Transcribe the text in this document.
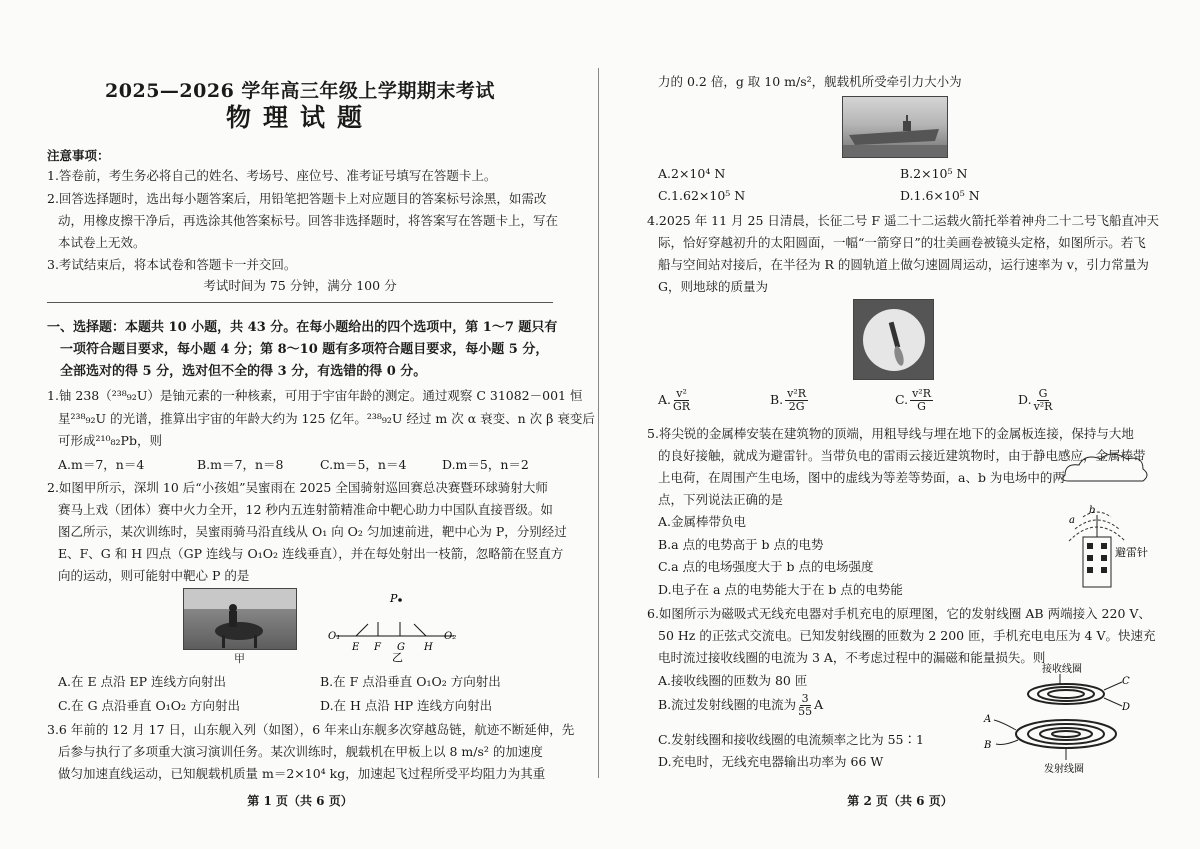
2025—2026 学年高三年级上学期期末考试
物理试题
注意事项：
1.答卷前，考生务必将自己的姓名、考场号、座位号、准考证号填写在答题卡上。
2.回答选择题时，选出每小题答案后，用铅笔把答题卡上对应题目的答案标号涂黑，如需改
动，用橡皮擦干净后，再选涂其他答案标号。回答非选择题时，将答案写在答题卡上，写在
本试卷上无效。
3.考试结束后，将本试卷和答题卡一并交回。
考试时间为 75 分钟，满分 100 分
一、选择题：本题共 10 小题，共 43 分。在每小题给出的四个选项中，第 1～7 题只有
一项符合题目要求，每小题 4 分；第 8～10 题有多项符合题目要求，每小题 5 分，
全部选对的得 5 分，选对但不全的得 3 分，有选错的得 0 分。
1.铀 238（²³⁸₉₂U）是铀元素的一种核素，可用于宇宙年龄的测定。通过观察 C 31082－001 恒
星²³⁸₉₂U 的光谱，推算出宇宙的年龄大约为 125 亿年。²³⁸₉₂U 经过 m 次 α 衰变、n 次 β 衰变后
可形成²¹⁰₈₂Pb，则
A.m＝7，n＝4	B.m＝7，n＝8	C.m＝5，n＝4	D.m＝5，n＝2
2.如图甲所示，深圳 10 后“小孩姐”吴蜜雨在 2025 全国骑射巡回赛总决赛暨环球骑射大师
赛马上戏（团体）赛中火力全开，12 秒内五连射箭精准命中靶心助力中国队直接晋级。如
图乙所示，某次训练时，吴蜜雨骑马沿直线从 O₁ 向 O₂ 匀加速前进，靶中心为 P，分别经过
E、F、G 和 H 四点（GP 连线与 O₁O₂ 连线垂直），并在每处射出一枝箭，忽略箭在竖直方
向的运动，则可能射中靶心 P 的是
甲
P
O₁	O₂
E F G H
乙
A.在 E 点沿 EP 连线方向射出	B.在 F 点沿垂直 O₁O₂ 方向射出
C.在 G 点沿垂直 O₁O₂ 方向射出	D.在 H 点沿 HP 连线方向射出
3.6 年前的 12 月 17 日，山东舰入列（如图），6 年来山东舰多次穿越岛链，航迹不断延伸，先
后参与执行了多项重大演习演训任务。某次训练时，舰载机在甲板上以 8 m/s² 的加速度
做匀加速直线运动，已知舰载机质量 m＝2×10⁴ kg，加速起飞过程所受平均阻力为其重
第 1 页（共 6 页）
力的 0.2 倍，g 取 10 m/s²，舰载机所受牵引力大小为
A.2×10⁴ N	B.2×10⁵ N
C.1.62×10⁵ N	D.1.6×10⁵ N
4.2025 年 11 月 25 日清晨，长征二号 F 遥二十二运载火箭托举着神舟二十二号飞船直冲天
际，恰好穿越初升的太阳圆面，一幅“一箭穿日”的壮美画卷被镜头定格，如图所示。若飞
船与空间站对接后，在半径为 R 的圆轨道上做匀速圆周运动，运行速率为 v，引力常量为
G，则地球的质量为
A. $\frac{\text{v²}}{GR}$	B. $\frac{\text{v²R}}{2G}$	C. $\frac{\text{v²R}}{G}$	D. $\frac{G}{\text{v²R}}$
5.将尖锐的金属棒安装在建筑物的顶端，用粗导线与埋在地下的金属板连接，保持与大地
的良好接触，就成为避雷针。当带负电的雷雨云接近建筑物时，由于静电感应，金属棒带
上电荷，在周围产生电场，图中的虚线为等差等势面，a、b 为电场中的两
点，下列说法正确的是
A.金属棒带负电
B.a 点的电势高于 b 点的电势
C.a 点的电场强度大于 b 点的电场强度
D.电子在 a 点的电势能大于在 b 点的电势能
a
b
避雷针
6.如图所示为磁吸式无线充电器对手机充电的原理图，它的发射线圈 AB 两端接入 220 V、
50 Hz 的正弦式交流电。已知发射线圈的匝数为 2 200 匝，手机充电电压为 4 V。快速充
电时流过接收线圈的电流为 3 A，不考虑过程中的漏磁和能量损失。则
A.接收线圈的匝数为 80 匝
B.流过发射线圈的电流为 $\frac{3}{55}$ A
C.发射线圈和接收线圈的电流频率之比为 55∶1
D.充电时，无线充电器输出功率为 66 W
接收线圈
C
D
A
B
发射线圈
第 2 页（共 6 页）
